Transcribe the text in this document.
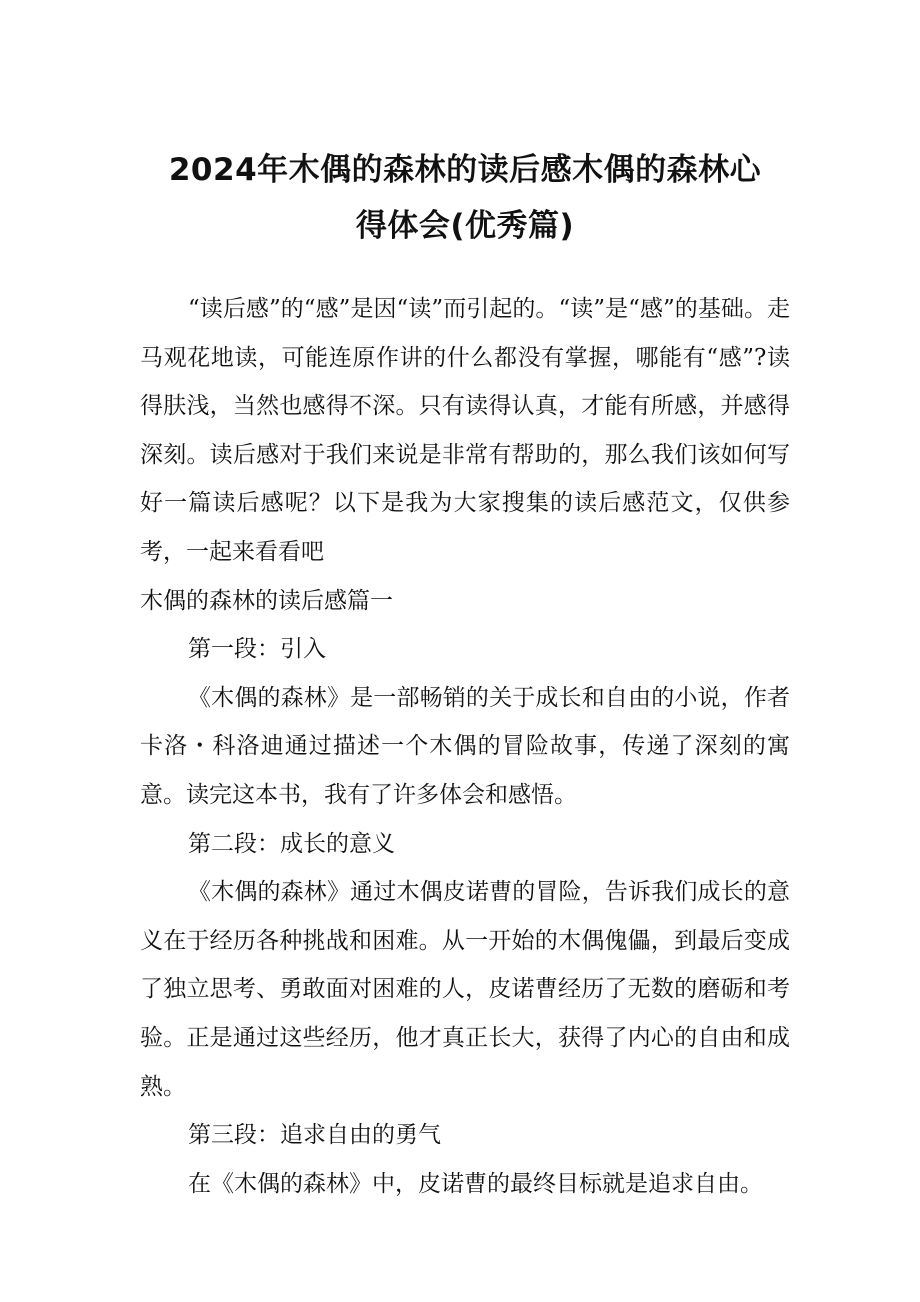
2024年木偶的森林的读后感木偶的森林心
得体会(优秀篇)

“读后感”的“感”是因“读”而引起的。“读”是“感”的基础。走马观花地读，可能连原作讲的什么都没有掌握，哪能有“感”?读得肤浅，当然也感得不深。只有读得认真，才能有所感，并感得深刻。读后感对于我们来说是非常有帮助的，那么我们该如何写好一篇读后感呢？以下是我为大家搜集的读后感范文，仅供参考，一起来看看吧

木偶的森林的读后感篇一

第一段：引入

《木偶的森林》是一部畅销的关于成长和自由的小说，作者卡洛・科洛迪通过描述一个木偶的冒险故事，传递了深刻的寓意。读完这本书，我有了许多体会和感悟。

第二段：成长的意义

《木偶的森林》通过木偶皮诺曹的冒险，告诉我们成长的意义在于经历各种挑战和困难。从一开始的木偶傀儡，到最后变成了独立思考、勇敢面对困难的人，皮诺曹经历了无数的磨砺和考验。正是通过这些经历，他才真正长大，获得了内心的自由和成熟。

第三段：追求自由的勇气

在《木偶的森林》中，皮诺曹的最终目标就是追求自由。
